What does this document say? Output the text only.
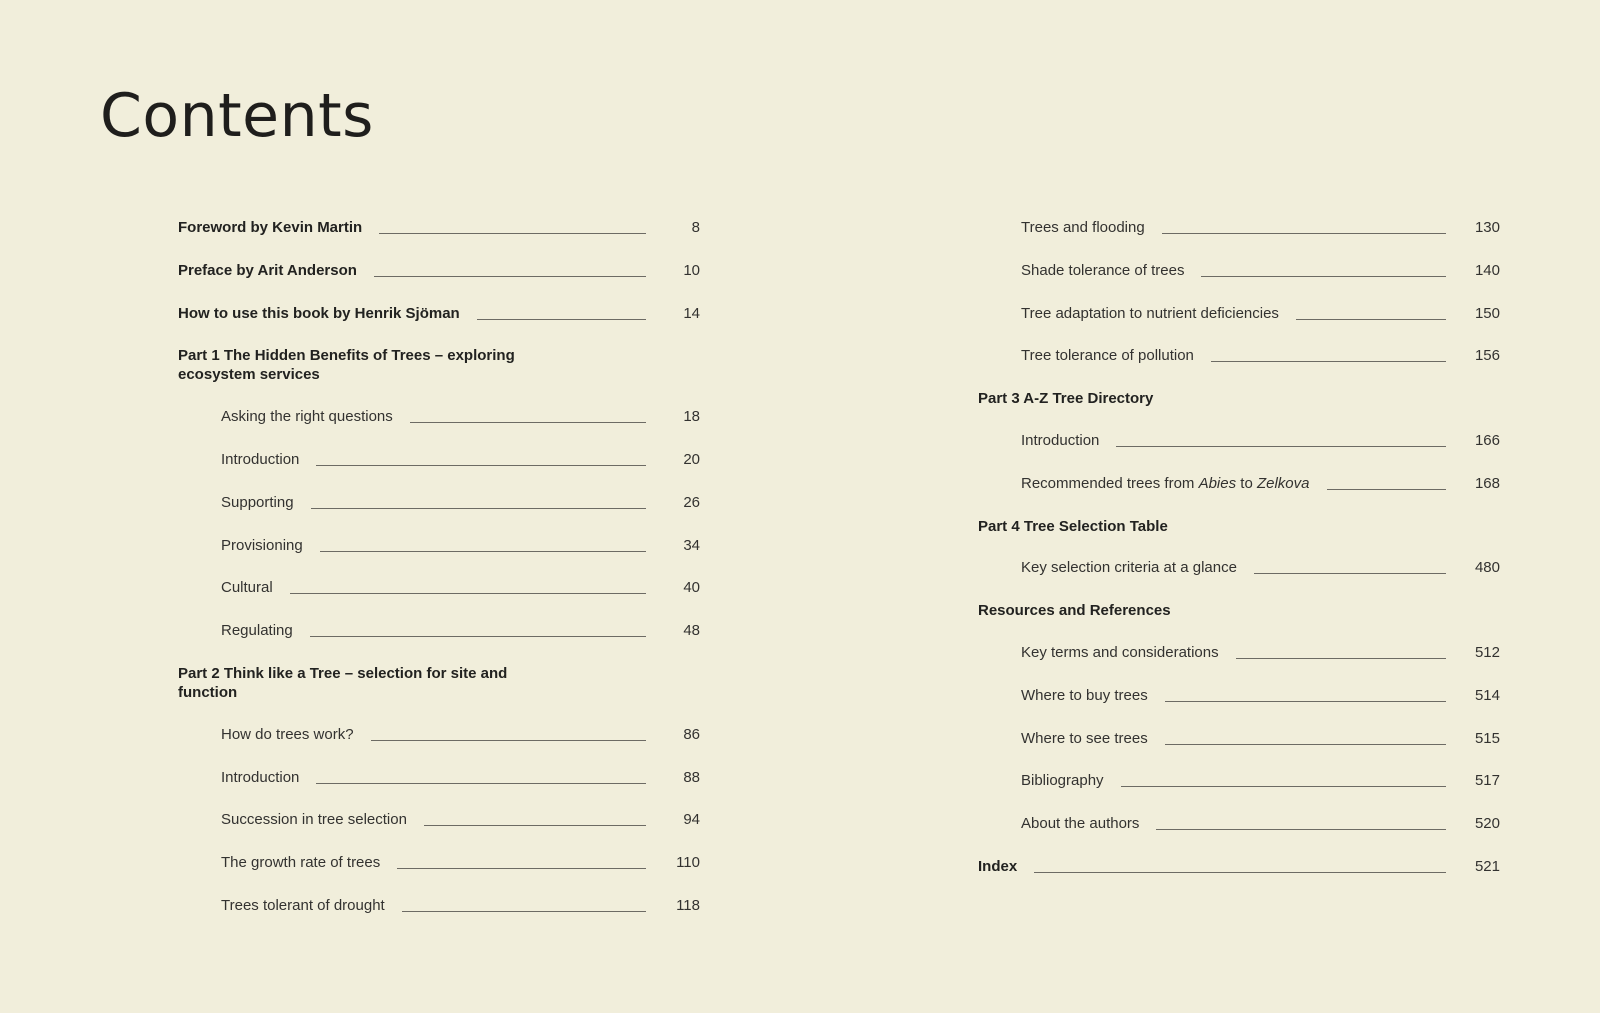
Contents
Foreword by Kevin Martin	8
Preface by Arit Anderson	10
How to use this book by Henrik Sjöman	14
Part 1 The Hidden Benefits of Trees – exploring ecosystem services
Asking the right questions	18
Introduction	20
Supporting	26
Provisioning	34
Cultural	40
Regulating	48
Part 2 Think like a Tree – selection for site and function
How do trees work?	86
Introduction	88
Succession in tree selection	94
The growth rate of trees	110
Trees tolerant of drought	118
Trees and flooding	130
Shade tolerance of trees	140
Tree adaptation to nutrient deficiencies	150
Tree tolerance of pollution	156
Part 3 A-Z Tree Directory
Introduction	166
Recommended trees from Abies to Zelkova	168
Part 4 Tree Selection Table
Key selection criteria at a glance	480
Resources and References
Key terms and considerations	512
Where to buy trees	514
Where to see trees	515
Bibliography	517
About the authors	520
Index	521
